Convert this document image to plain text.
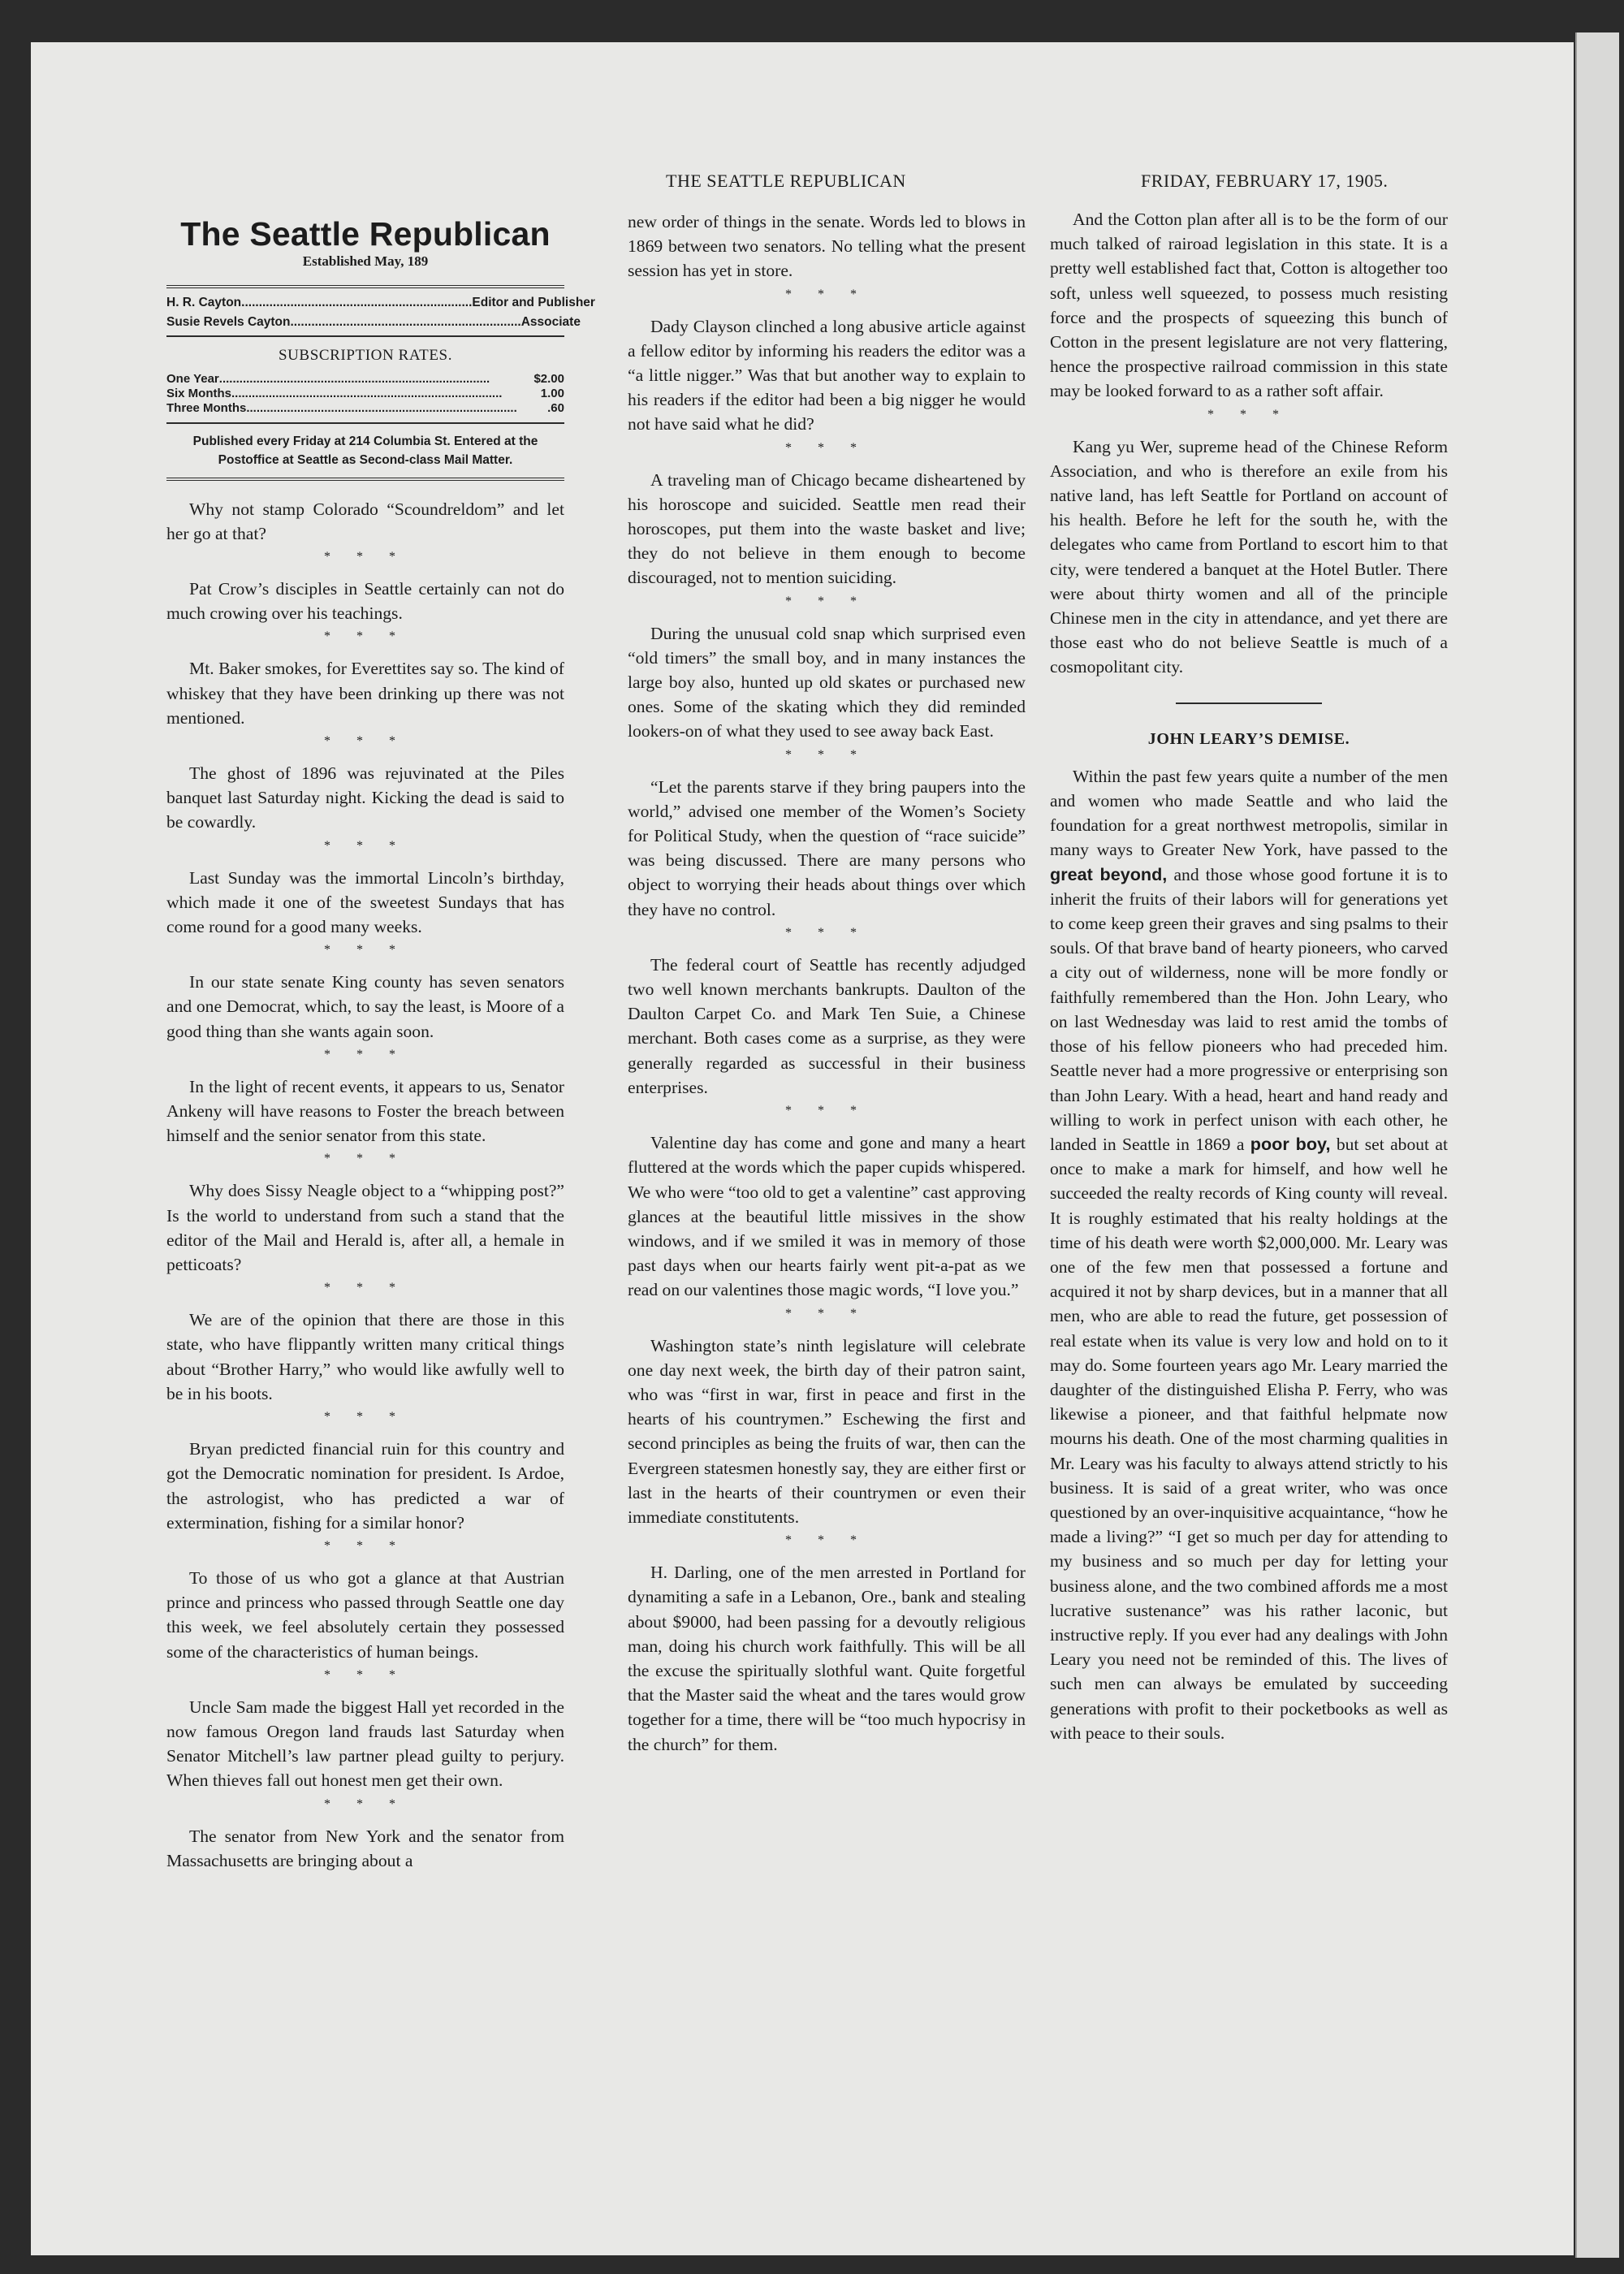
THE SEATTLE REPUBLICAN	FRIDAY, FEBRUARY 17, 1905.
The Seattle Republican
Established May, 189
H. R. Cayton .................................................................. Editor and Publisher
Susie Revels Cayton .................................................................. Associate
SUBSCRIPTION RATES.
One Year ................................................................................	$2.00
Six Months ................................................................................	1.00
Three Months ................................................................................	.60
Published every Friday at 214 Columbia St. Entered at the Postoffice at Seattle as Second-class Mail Matter.

Why not stamp Colorado “Scoundreldom” and let her go at that?

* * *

Pat Crow’s disciples in Seattle certainly can not do much crowing over his teachings.

* * *

Mt. Baker smokes, for Everettites say so. The kind of whiskey that they have been drinking up there was not mentioned.

* * *

The ghost of 1896 was rejuvinated at the Piles banquet last Saturday night. Kicking the dead is said to be cowardly.

* * *

Last Sunday was the immortal Lincoln’s birthday, which made it one of the sweetest Sundays that has come round for a good many weeks.

* * *

In our state senate King county has seven senators and one Democrat, which, to say the least, is Moore of a good thing than she wants again soon.

* * *

In the light of recent events, it appears to us, Senator Ankeny will have reasons to Foster the breach between himself and the senior senator from this state.

* * *

Why does Sissy Neagle object to a “whipping post?” Is the world to understand from such a stand that the editor of the Mail and Herald is, after all, a hemale in petticoats?

* * *

We are of the opinion that there are those in this state, who have flippantly written many critical things about “Brother Harry,” who would like awfully well to be in his boots.

* * *

Bryan predicted financial ruin for this country and got the Democratic nomination for president. Is Ardoe, the astrologist, who has predicted a war of extermination, fishing for a similar honor?

* * *

To those of us who got a glance at that Austrian prince and princess who passed through Seattle one day this week, we feel absolutely certain they possessed some of the characteristics of human beings.

* * *

Uncle Sam made the biggest Hall yet recorded in the now famous Oregon land frauds last Saturday when Senator Mitchell’s law partner plead guilty to perjury. When thieves fall out honest men get their own.

* * *

The senator from New York and the senator from Massachusetts are bringing about a

new order of things in the senate. Words led to blows in 1869 between two senators. No telling what the present session has yet in store.

* * *

Dady Clayson clinched a long abusive article against a fellow editor by informing his readers the editor was a “a little nigger.” Was that but another way to explain to his readers if the editor had been a big nigger he would not have said what he did?

* * *

A traveling man of Chicago became disheartened by his horoscope and suicided. Seattle men read their horoscopes, put them into the waste basket and live; they do not believe in them enough to become discouraged, not to mention suiciding.

* * *

During the unusual cold snap which surprised even “old timers” the small boy, and in many instances the large boy also, hunted up old skates or purchased new ones. Some of the skating which they did reminded lookers-on of what they used to see away back East.

* * *

“Let the parents starve if they bring paupers into the world,” advised one member of the Women’s Society for Political Study, when the question of “race suicide” was being discussed. There are many persons who object to worrying their heads about things over which they have no control.

* * *

The federal court of Seattle has recently adjudged two well known merchants bankrupts. Daulton of the Daulton Carpet Co. and Mark Ten Suie, a Chinese merchant. Both cases come as a surprise, as they were generally regarded as successful in their business enterprises.

* * *

Valentine day has come and gone and many a heart fluttered at the words which the paper cupids whispered. We who were “too old to get a valentine” cast approving glances at the beautiful little missives in the show windows, and if we smiled it was in memory of those past days when our hearts fairly went pit-a-pat as we read on our valentines those magic words, “I love you.”

* * *

Washington state’s ninth legislature will celebrate one day next week, the birth day of their patron saint, who was “first in war, first in peace and first in the hearts of his countrymen.” Eschewing the first and second principles as being the fruits of war, then can the Evergreen statesmen honestly say, they are either first or last in the hearts of their countrymen or even their immediate constitutents.

* * *

H. Darling, one of the men arrested in Portland for dynamiting a safe in a Lebanon, Ore., bank and stealing about $9000, had been passing for a devoutly religious man, doing his church work faithfully. This will be all the excuse the spiritually slothful want. Quite forgetful that the Master said the wheat and the tares would grow together for a time, there will be “too much hypocrisy in the church” for them.

And the Cotton plan after all is to be the form of our much talked of rairoad legislation in this state. It is a pretty well established fact that, Cotton is altogether too soft, unless well squeezed, to possess much resisting force and the prospects of squeezing this bunch of Cotton in the present legislature are not very flattering, hence the prospective railroad commission in this state may be looked forward to as a rather soft affair.

* * *

Kang yu Wer, supreme head of the Chinese Reform Association, and who is therefore an exile from his native land, has left Seattle for Portland on account of his health. Before he left for the south he, with the delegates who came from Portland to escort him to that city, were tendered a banquet at the Hotel Butler. There were about thirty women and all of the principle Chinese men in the city in attendance, and yet there are those east who do not believe Seattle is much of a cosmopolitant city.

JOHN LEARY’S DEMISE.

Within the past few years quite a number of the men and women who made Seattle and who laid the foundation for a great northwest metropolis, similar in many ways to Greater New York, have passed to the great beyond, and those whose good fortune it is to inherit the fruits of their labors will for generations yet to come keep green their graves and sing psalms to their souls. Of that brave band of hearty pioneers, who carved a city out of wilderness, none will be more fondly or faithfully remembered than the Hon. John Leary, who on last Wednesday was laid to rest amid the tombs of those of his fellow pioneers who had preceded him. Seattle never had a more progressive or enterprising son than John Leary. With a head, heart and hand ready and willing to work in perfect unison with each other, he landed in Seattle in 1869 a poor boy, but set about at once to make a mark for himself, and how well he succeeded the realty records of King county will reveal. It is roughly estimated that his realty holdings at the time of his death were worth $2,000,000. Mr. Leary was one of the few men that possessed a fortune and acquired it not by sharp devices, but in a manner that all men, who are able to read the future, get possession of real estate when its value is very low and hold on to it may do. Some fourteen years ago Mr. Leary married the daughter of the distinguished Elisha P. Ferry, who was likewise a pioneer, and that faithful helpmate now mourns his death. One of the most charming qualities in Mr. Leary was his faculty to always attend strictly to his business. It is said of a great writer, who was once questioned by an over-inquisitive acquaintance, “how he made a living?” “I get so much per day for attending to my business and so much per day for letting your business alone, and the two combined affords me a most lucrative sustenance” was his rather laconic, but instructive reply. If you ever had any dealings with John Leary you need not be reminded of this. The lives of such men can always be emulated by succeeding generations with profit to their pocketbooks as well as with peace to their souls.
